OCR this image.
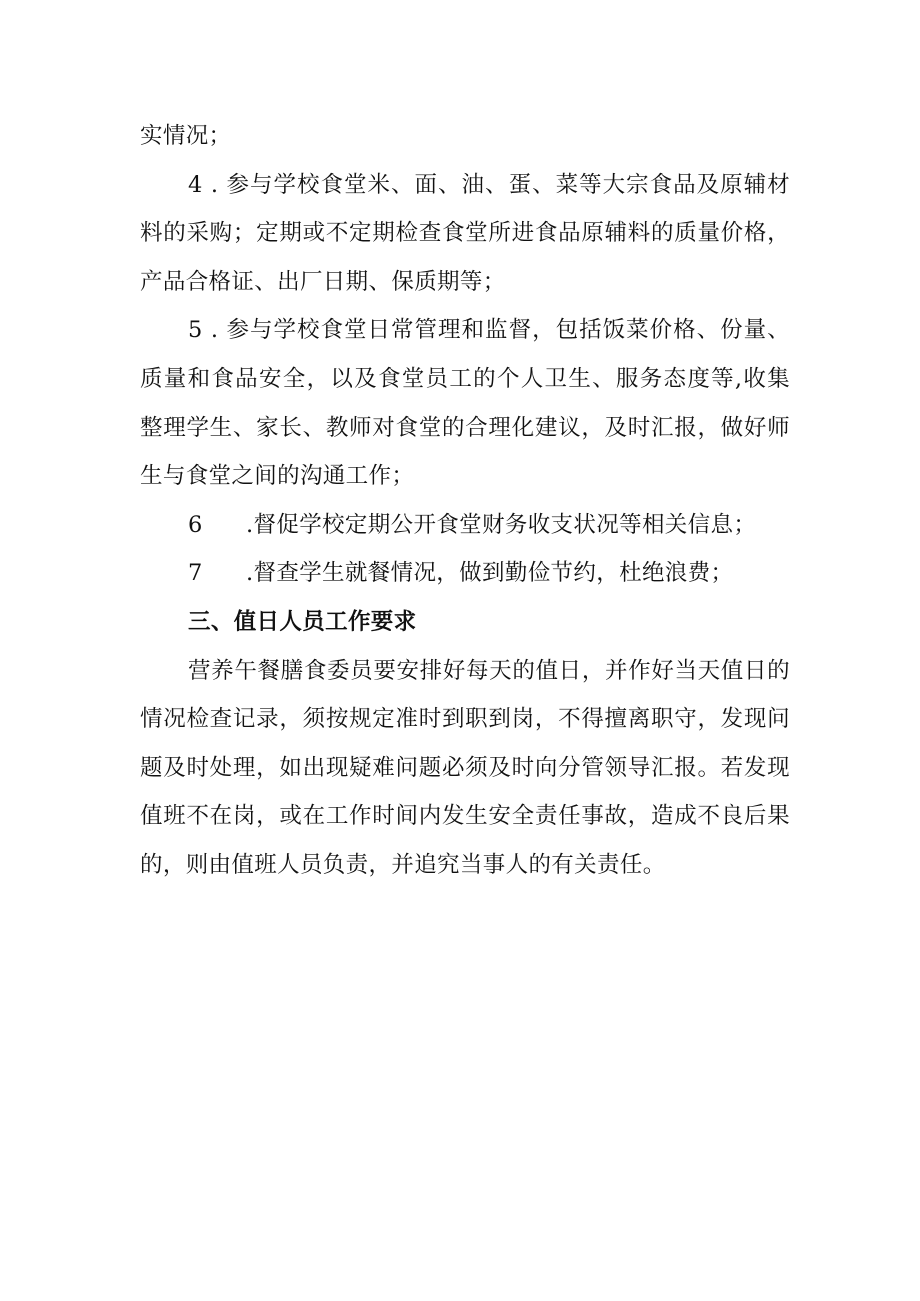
实情况；
4 . 参与学校食堂米、面、油、蛋、菜等大宗食品及原辅材
料的采购；定期或不定期检查食堂所进食品原辅料的质量价格，
产品合格证、出厂日期、保质期等；
5 . 参与学校食堂日常管理和监督，包括饭菜价格、份量、
质量和食品安全，以及食堂员工的个人卫生、服务态度等,收集
整理学生、家长、教师对食堂的合理化建议，及时汇报，做好师
生与食堂之间的沟通工作；
6 .督促学校定期公开食堂财务收支状况等相关信息；
7 .督查学生就餐情况，做到勤俭节约，杜绝浪费；
三、值日人员工作要求
营养午餐膳食委员要安排好每天的值日，并作好当天值日的
情况检查记录，须按规定准时到职到岗，不得擅离职守，发现问
题及时处理，如出现疑难问题必须及时向分管领导汇报。若发现
值班不在岗，或在工作时间内发生安全责任事故，造成不良后果
的，则由值班人员负责，并追究当事人的有关责任。
